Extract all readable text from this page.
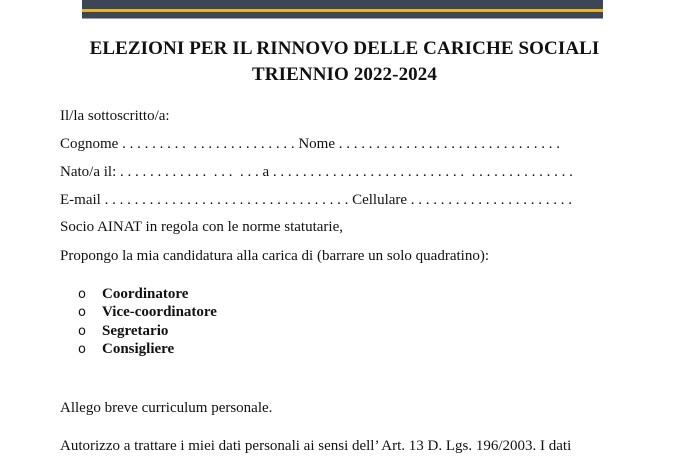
ELEZIONI PER IL RINNOVO DELLE CARICHE SOCIALI
TRIENNIO 2022-2024
Il/la sottoscritto/a:
Cognome . . . . . . . . .  . . . . . . . . . . . . . . Nome . . . . . . . . . . . . . . . . . . . . . . . . . . . . . .
Nato/a il: . . . . . . . . . . . .  . . .  . . . a . . . . . . . . . . . . . . . . . . . . . . . . . .  . . . . . . . . . . . . . .
E-mail . . . . . . . . . . . . . . . . . . . . . . . . . . . . . . . . . Cellulare . . . . . . . . . . . . . . . . . . . . . .
Socio AINAT in regola con le norme statutarie,
Propongo la mia candidatura alla carica di (barrare un solo quadratino):
o	Coordinatore
o	Vice-coordinatore
o	Segretario
o	Consigliere
Allego breve curriculum personale.
Autorizzo a trattare i miei dati personali ai sensi dell’ Art. 13 D. Lgs. 196/2003. I dati
